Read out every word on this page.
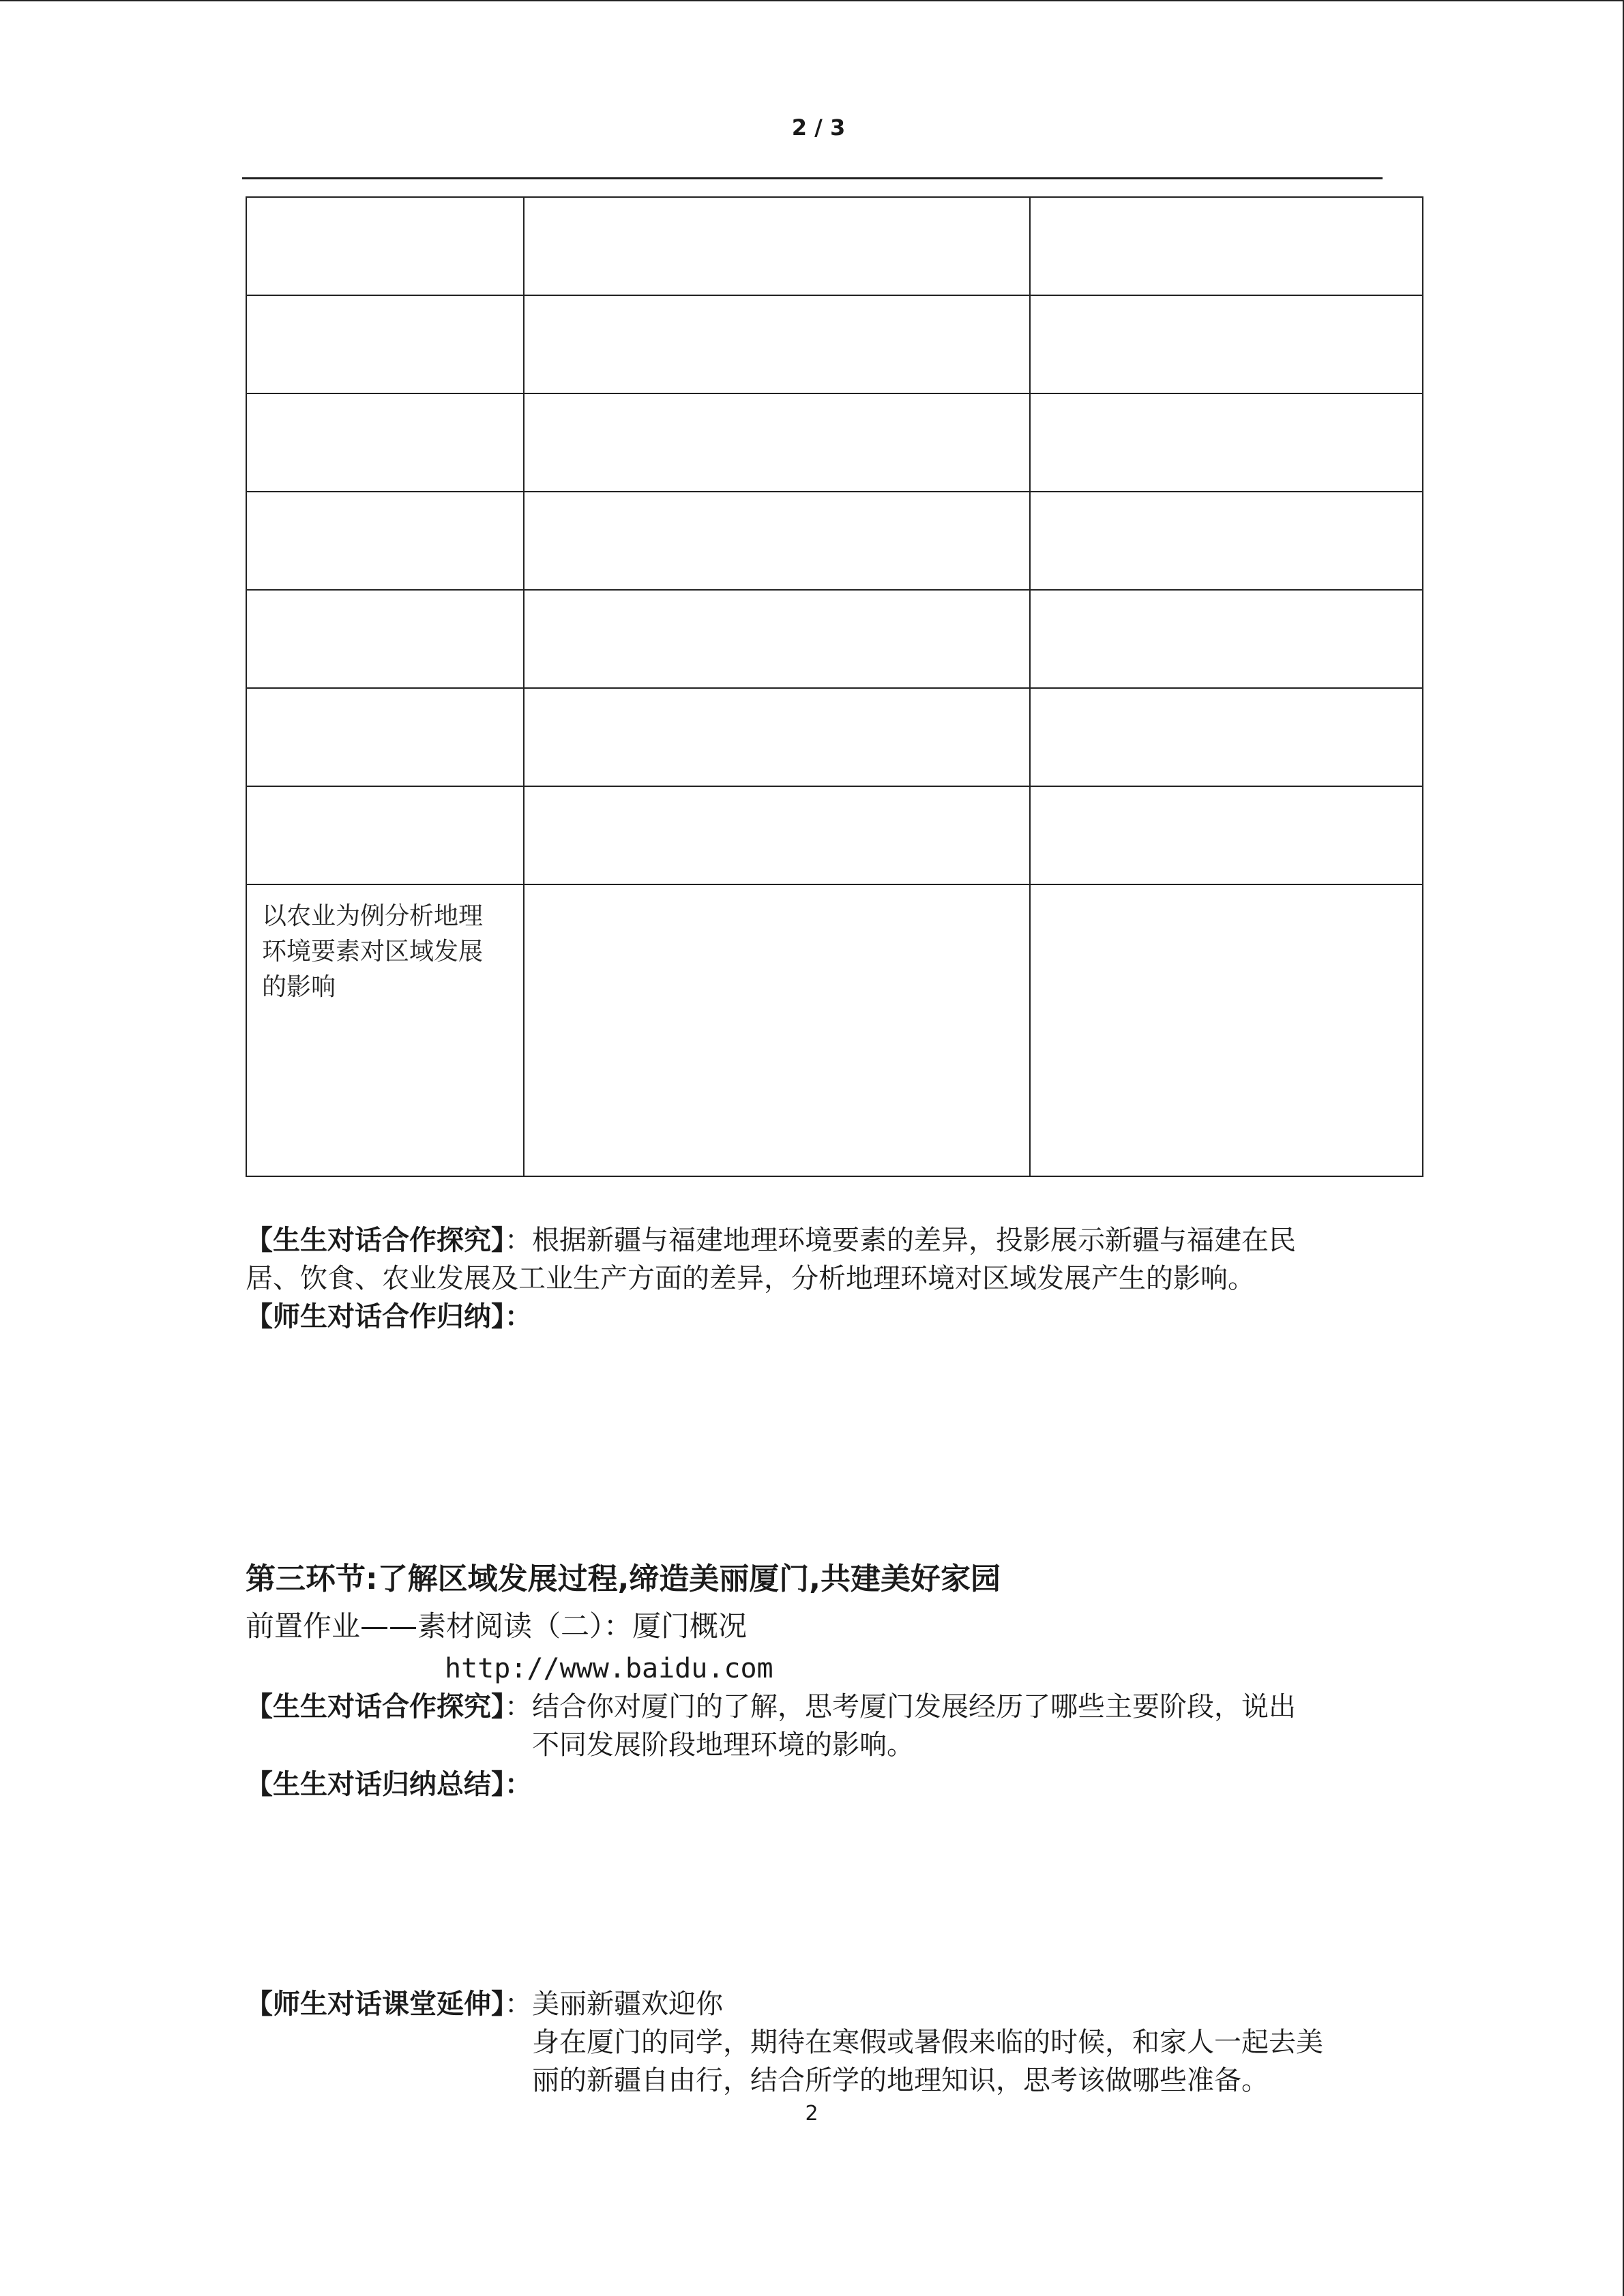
2 / 3

以农业为例分析地理
环境要素对区域发展
的影响		

【生生对话合作探究】：根据新疆与福建地理环境要素的差异，投影展示新疆与福建在民
居、饮食、农业发展及工业生产方面的差异，分析地理环境对区域发展产生的影响。
【师生对话合作归纳】：
第三环节:了解区域发展过程,缔造美丽厦门,共建美好家园
前置作业——素材阅读（二）：厦门概况
http://www.baidu.com
【生生对话合作探究】：结合你对厦门的了解，思考厦门发展经历了哪些主要阶段，说出
不同发展阶段地理环境的影响。
【生生对话归纳总结】：
【师生对话课堂延伸】：美丽新疆欢迎你
身在厦门的同学，期待在寒假或暑假来临的时候，和家人一起去美
丽的新疆自由行，结合所学的地理知识，思考该做哪些准备。
2
